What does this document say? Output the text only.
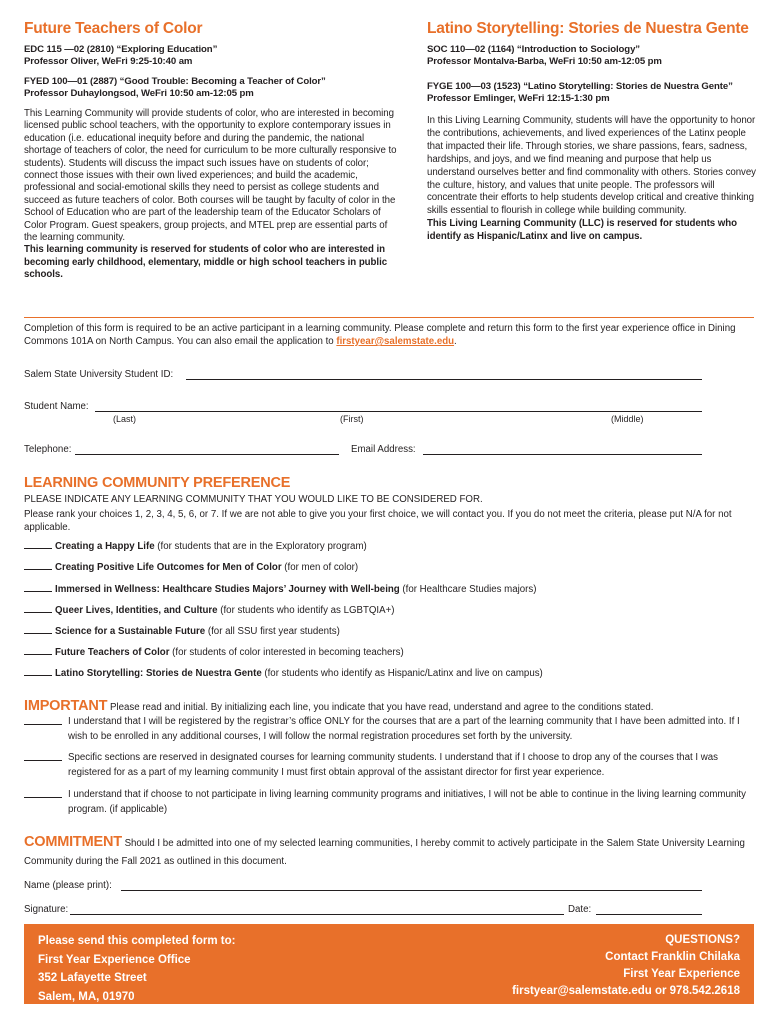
Future Teachers of Color
EDC 115 —02 (2810) “Exploring Education”
Professor Oliver, WeFri 9:25-10:40 am
FYED 100—01 (2887) “Good Trouble: Becoming a Teacher of Color”
Professor Duhaylongsod, WeFri 10:50 am-12:05 pm
This Learning Community will provide students of color, who are interested in becoming licensed public school teachers, with the opportunity to explore contemporary issues in education (i.e. educational inequity before and during the pandemic, the national shortage of teachers of color, the need for curriculum to be more culturally responsive to students). Students will discuss the impact such issues have on students of color; connect those issues with their own lived experiences; and build the academic, professional and social-emotional skills they need to persist as college students and succeed as future teachers of color. Both courses will be taught by faculty of color in the School of Education who are part of the leadership team of the Educator Scholars of Color Program. Guest speakers, group projects, and MTEL prep are essential parts of the learning community.
This learning community is reserved for students of color who are interested in becoming early childhood, elementary, middle or high school teachers in public schools.
Latino Storytelling: Stories de Nuestra Gente
SOC 110—02 (1164) “Introduction to Sociology”
Professor Montalva-Barba, WeFri 10:50 am-12:05 pm
FYGE 100—03 (1523) “Latino Storytelling: Stories de Nuestra Gente”
Professor Emlinger, WeFri 12:15-1:30 pm
In this Living Learning Community, students will have the opportunity to honor the contributions, achievements, and lived experiences of the Latinx people that impacted their life. Through stories, we share passions, fears, sadness, hardships, and joys, and we find meaning and purpose that help us understand ourselves better and find commonality with others. Stories convey the culture, history, and values that unite people. The professors will concentrate their efforts to help students develop critical and creative thinking skills essential to flourish in college while building community.
This Living Learning Community (LLC) is reserved for students who identify as Hispanic/Latinx and live on campus.
Completion of this form is required to be an active participant in a learning community. Please complete and return this form to the first year experience office in Dining Commons 101A on North Campus. You can also email the application to firstyear@salemstate.edu.
Salem State University Student ID:
Student Name:
(Last)	(First)	(Middle)
Telephone:	Email Address:
LEARNING COMMUNITY PREFERENCE
PLEASE INDICATE ANY LEARNING COMMUNITY THAT YOU WOULD LIKE TO BE CONSIDERED FOR.
Please rank your choices 1, 2, 3, 4, 5, 6, or 7. If we are not able to give you your first choice, we will contact you. If you do not meet the criteria, please put N/A for not applicable.
Creating a Happy Life (for students that are in the Exploratory program)
Creating Positive Life Outcomes for Men of Color (for men of color)
Immersed in Wellness: Healthcare Studies Majors’ Journey with Well-being (for Healthcare Studies majors)
Queer Lives, Identities, and Culture (for students who identify as LGBTQIA+)
Science for a Sustainable Future (for all SSU first year students)
Future Teachers of Color (for students of color interested in becoming teachers)
Latino Storytelling: Stories de Nuestra Gente (for students who identify as Hispanic/Latinx and live on campus)
IMPORTANT Please read and initial. By initializing each line, you indicate that you have read, understand and agree to the conditions stated.
I understand that I will be registered by the registrar’s office ONLY for the courses that are a part of the learning community that I have been admitted into. If I wish to be enrolled in any additional courses, I will follow the normal registration procedures set forth by the university.
Specific sections are reserved in designated courses for learning community students. I understand that if I choose to drop any of the courses that I was registered for as a part of my learning community I must first obtain approval of the assistant director for first year experience.
I understand that if choose to not participate in living learning community programs and initiatives, I will not be able to continue in the living learning community program. (if applicable)
COMMITMENT Should I be admitted into one of my selected learning communities, I hereby commit to actively participate in the Salem State University Learning Community during the Fall 2021 as outlined in this document.
Name (please print):
Signature:	Date:
Please send this completed form to:
First Year Experience Office
352 Lafayette Street
Salem, MA, 01970
QUESTIONS?
Contact Franklin Chilaka
First Year Experience
firstyear@salemstate.edu or 978.542.2618
